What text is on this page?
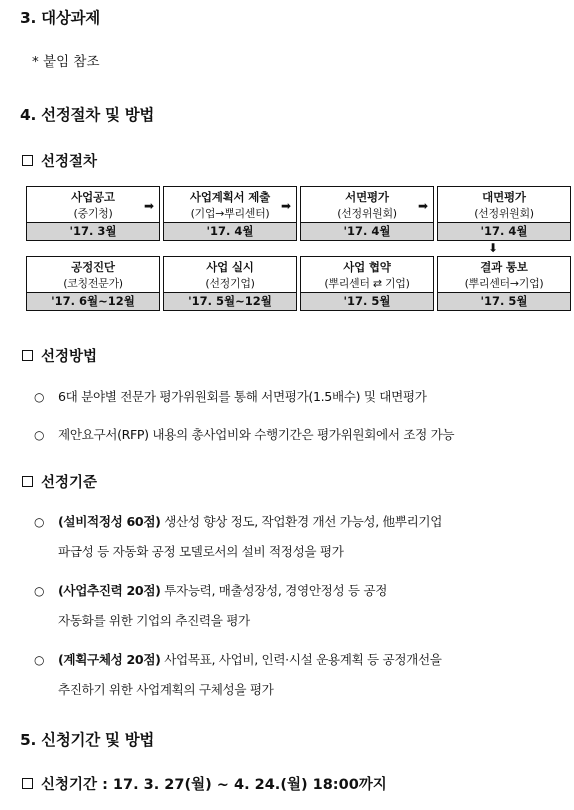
3. 대상과제
* 붙임 참조
4. 선정절차 및 방법
선정절차
사업공고
(중기청)
'17. 3월
➡
사업계획서 제출
(기업→뿌리센터)
'17. 4월
➡
서면평가
(선정위원회)
'17. 4월
➡
대면평가
(선정위원회)
'17. 4월
⬇
결과 통보
(뿌리센터→기업)
'17. 5월
사업 협약
(뿌리센터 ⇄ 기업)
'17. 5월
사업 실시
(선정기업)
'17. 5월~12월
공정진단
(코칭전문가)
'17. 6월~12월
선정방법
○ 6대 분야별 전문가 평가위원회를 통해 서면평가(1.5배수) 및 대면평가
○ 제안요구서(RFP) 내용의 총사업비와 수행기간은 평가위원회에서 조정 가능
선정기준
○ (설비적정성 60점) 생산성 향상 정도, 작업환경 개선 가능성, 他뿌리기업
파급성 등 자동화 공정 모델로서의 설비 적정성을 평가
○ (사업추진력 20점) 투자능력, 매출성장성, 경영안정성 등 공정
자동화를 위한 기업의 추진력을 평가
○ (계획구체성 20점) 사업목표, 사업비, 인력·시설 운용계획 등 공정개선을
추진하기 위한 사업계획의 구체성을 평가
5. 신청기간 및 방법
신청기간 : 17. 3. 27(월) ~ 4. 24.(월) 18:00까지
